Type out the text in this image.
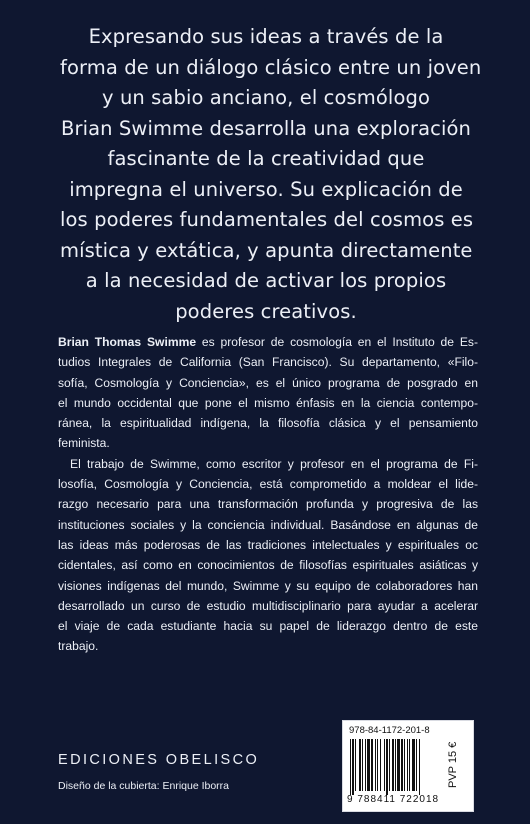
Expresando sus ideas a través de la
forma de un diálogo clásico entre un joven
y un sabio anciano, el cosmólogo
Brian Swimme desarrolla una exploración
fascinante de la creatividad que
impregna el universo. Su explicación de
los poderes fundamentales del cosmos es
mística y extática, y apunta directamente
a la necesidad de activar los propios
poderes creativos.
Brian Thomas Swimme es profesor de cosmología en el Instituto de Es-
tudios Integrales de California (San Francisco). Su departamento, «Filo-
sofía, Cosmología y Conciencia», es el único programa de posgrado en
el mundo occidental que pone el mismo énfasis en la ciencia contempo-
ránea, la espiritualidad indígena, la filosofía clásica y el pensamiento
feminista.
El trabajo de Swimme, como escritor y profesor en el programa de Fi-
losofía, Cosmología y Conciencia, está comprometido a moldear el lide-
razgo necesario para una transformación profunda y progresiva de las
instituciones sociales y la conciencia individual. Basándose en algunas de
las ideas más poderosas de las tradiciones intelectuales y espirituales oc
cidentales, así como en conocimientos de filosofías espirituales asiáticas y
visiones indígenas del mundo, Swimme y su equipo de colaboradores han
desarrollado un curso de estudio multidisciplinario para ayudar a acelerar
el viaje de cada estudiante hacia su papel de liderazgo dentro de este
trabajo.
978-84-1172-201-8
9 788411 722018
PVP 15 €
EDICIONES OBELISCO
Diseño de la cubierta: Enrique Iborra
